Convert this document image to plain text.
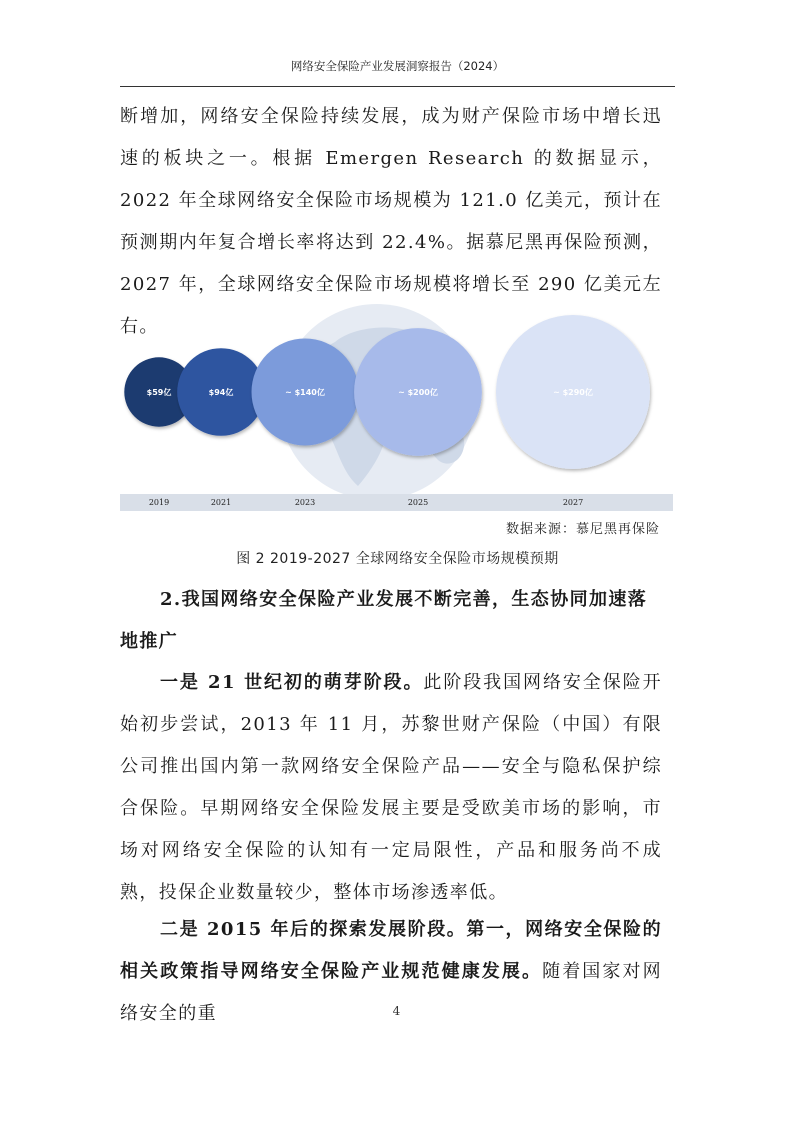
网络安全保险产业发展洞察报告（2024）

断增加，网络安全保险持续发展，成为财产保险市场中增长迅速的板块之一。根据 Emergen Research 的数据显示，2022 年全球网络安全保险市场规模为 121.0 亿美元，预计在预测期内年复合增长率将达到 22.4%。据慕尼黑再保险预测，2027 年，全球网络安全保险市场规模将增长至 290 亿美元左右。

$59亿	$94亿	~ $140亿	~ $200亿	~ $290亿
2019	2021	2023	2025	2027
数据来源：慕尼黑再保险
图 2 2019-2027 全球网络安全保险市场规模预期

2.我国网络安全保险产业发展不断完善，生态协同加速落地推广

一是 21 世纪初的萌芽阶段。此阶段我国网络安全保险开始初步尝试，2013 年 11 月，苏黎世财产保险（中国）有限公司推出国内第一款网络安全保险产品——安全与隐私保护综合保险。早期网络安全保险发展主要是受欧美市场的影响，市场对网络安全保险的认知有一定局限性，产品和服务尚不成熟，投保企业数量较少，整体市场渗透率低。

二是 2015 年后的探索发展阶段。第一，网络安全保险的相关政策指导网络安全保险产业规范健康发展。随着国家对网络安全的重	4
